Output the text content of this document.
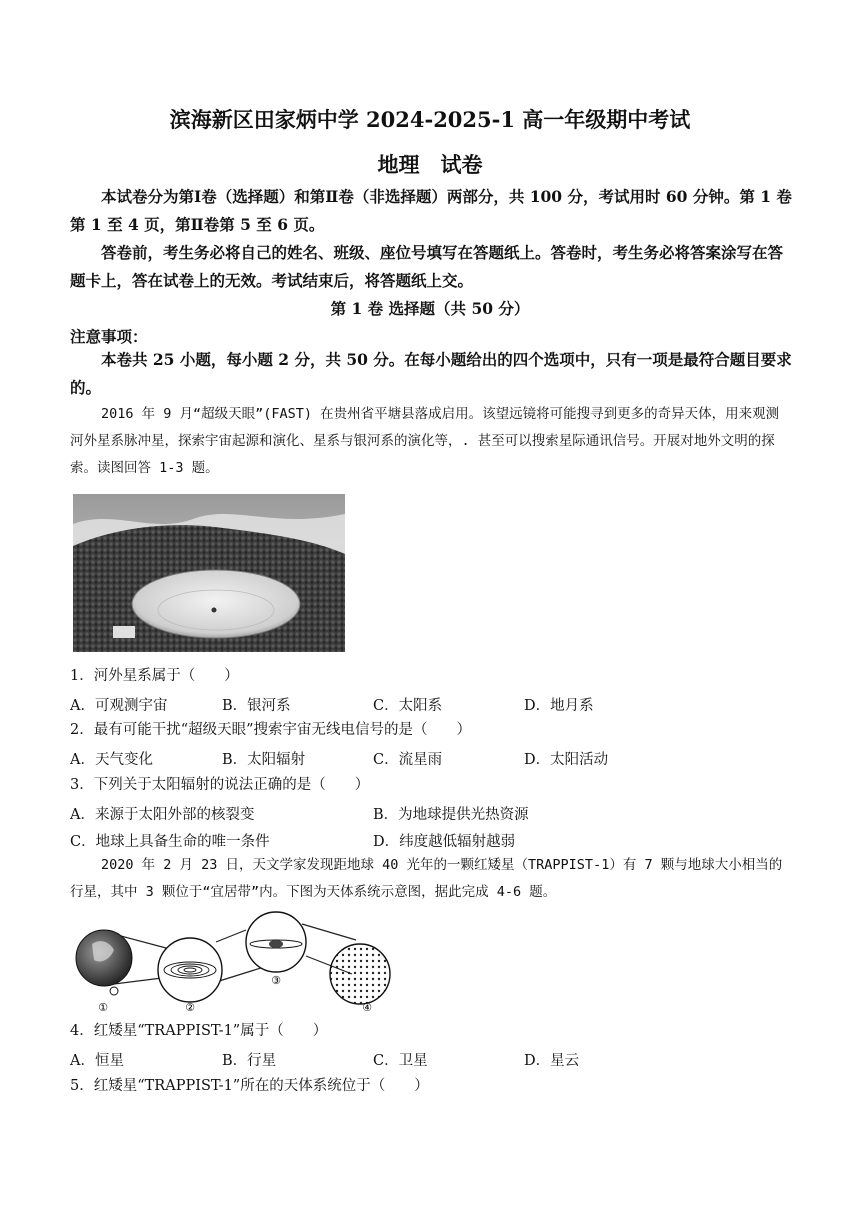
滨海新区田家炳中学 2024-2025-1 高一年级期中考试
地理　试卷
本试卷分为第Ⅰ卷（选择题）和第Ⅱ卷（非选择题）两部分，共 100 分，考试用时 60 分钟。第 1 卷第 1 至 4 页，第Ⅱ卷第 5 至 6 页。
答卷前，考生务必将自己的姓名、班级、座位号填写在答题纸上。答卷时，考生务必将答案涂写在答题卡上，答在试卷上的无效。考试结束后，将答题纸上交。
第 1 卷 选择题（共 50 分）
注意事项：
本卷共 25 小题，每小题 2 分，共 50 分。在每小题给出的四个选项中，只有一项是最符合题目要求的。
2016 年 9 月“超级天眼”(FAST) 在贵州省平塘县落成启用。该望远镜将可能搜寻到更多的奇异天体，用来观测河外星系脉冲星，探索宇宙起源和演化、星系与银河系的演化等，. 甚至可以搜索星际通讯信号。开展对地外文明的探索。读图回答 1-3 题。
1．河外星系属于（　　）
A．可观测宇宙	B．银河系	C．太阳系	D．地月系
2．最有可能干扰“超级天眼”搜索宇宙无线电信号的是（　　）
A．天气变化	B．太阳辐射	C．流星雨	D．太阳活动
3．下列关于太阳辐射的说法正确的是（　　）
A．来源于太阳外部的核裂变	B．为地球提供光热资源
C．地球上具备生命的唯一条件	D．纬度越低辐射越弱
2020 年 2 月 23 日，天文学家发现距地球 40 光年的一颗红矮星（TRAPPIST-1）有 7 颗与地球大小相当的行星，其中 3 颗位于“宜居带”内。下图为天体系统示意图，据此完成 4-6 题。
①	②
③
④
4．红矮星“TRAPPIST-1”属于（　　）
A．恒星	B．行星	C．卫星	D．星云
5．红矮星“TRAPPIST-1”所在的天体系统位于（　　）
